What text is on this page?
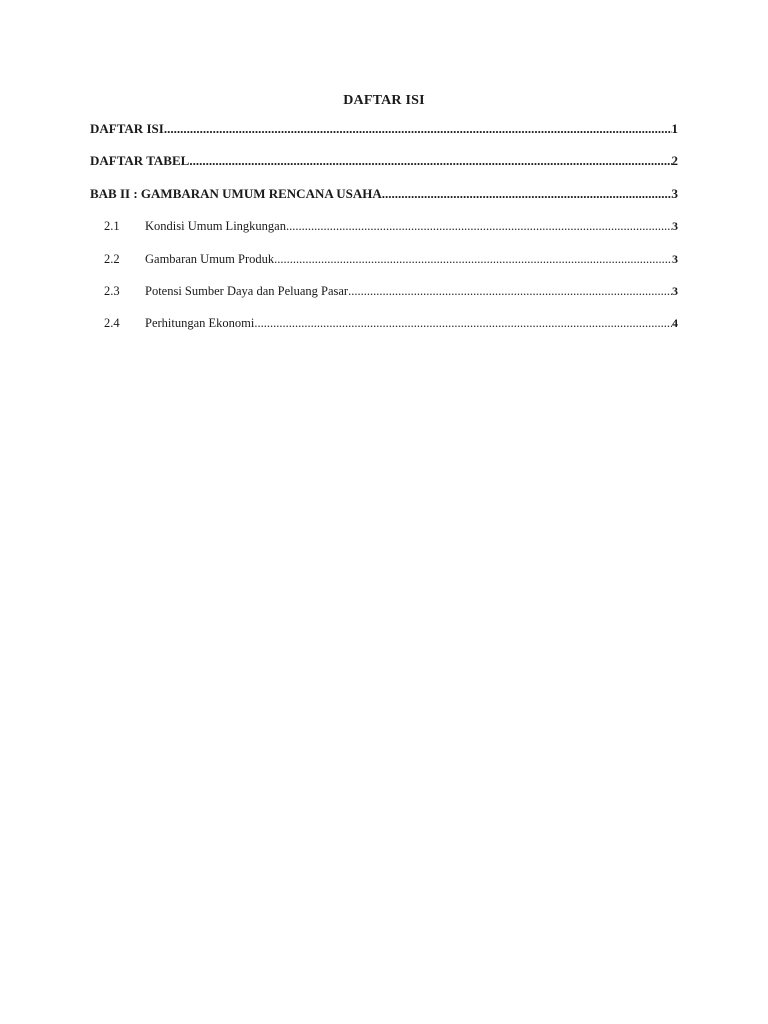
DAFTAR ISI
DAFTAR ISI .....	1
DAFTAR TABEL .....	2
BAB II : GAMBARAN UMUM RENCANA USAHA .....	3
2.1	Kondisi Umum Lingkungan .....	3
2.2	Gambaran Umum Produk .....	3
2.3	Potensi Sumber Daya dan Peluang Pasar .....	3
2.4	Perhitungan Ekonomi .....	4
